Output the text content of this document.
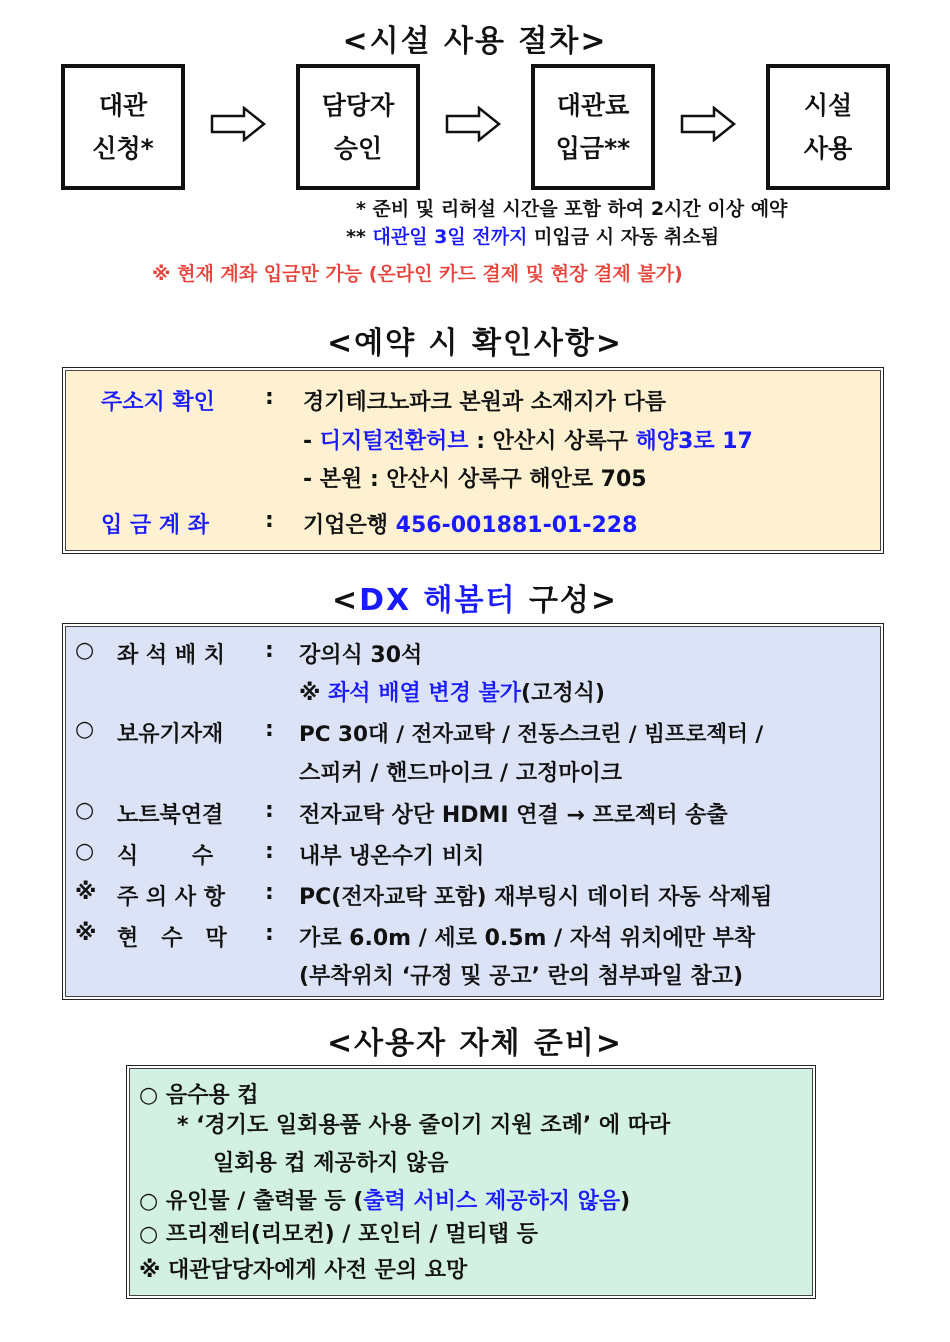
<시설 사용 절차>
대관
신청*
담당자
승인
대관료
입금**
시설
사용
* 준비 및 리허설 시간을 포함 하여 2시간 이상 예약
** 대관일 3일 전까지 미입금 시 자동 취소됨
※ 현재 계좌 입금만 가능 (온라인 카드 결제 및 현장 결제 불가)
<예약 시 확인사항>
주소지 확인 : 경기테크노파크 본원과 소재지가 다름
- 디지털전환허브 : 안산시 상록구 해양3로 17
- 본원 : 안산시 상록구 해안로 705
입 금 계 좌	: 기업은행 456-001881-01-228
<DX 해봄터 구성>
○ 좌 석 배 치 : 강의식 30석
※ 좌석 배열 변경 불가(고정식)
○ 보유기자재 : PC 30대 / 전자교탁 / 전동스크린 / 빔프로젝터 /
스피커 / 핸드마이크 / 고정마이크
○ 노트북연결 : 전자교탁 상단 HDMI 연결 → 프로젝터 송출
○ 식       수 : 내부 냉온수기 비치
※ 주 의 사 항 : PC(전자교탁 포함) 재부팅시 데이터 자동 삭제됨
※ 현   수   막 : 가로 6.0m / 세로 0.5m / 자석 위치에만 부착
(부착위치 ‘규정 및 공고’ 란의 첨부파일 참고)
<사용자 자체 준비>
○ 음수용 컵
* ‘경기도 일회용품 사용 줄이기 지원 조례’ 에 따라
일회용 컵 제공하지 않음
○ 유인물 / 출력물 등 (출력 서비스 제공하지 않음)
○ 프리젠터(리모컨) / 포인터 / 멀티탭 등
※ 대관담당자에게 사전 문의 요망
